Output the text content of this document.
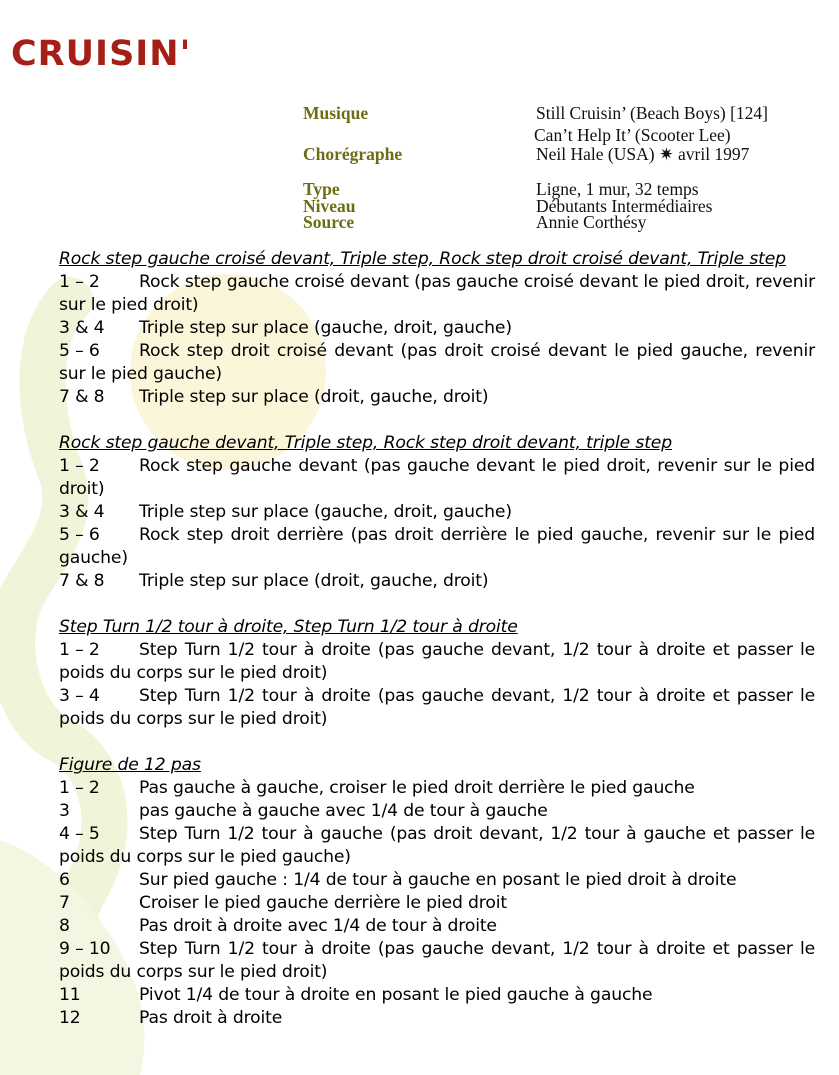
CRUISIN'
Musique	Still Cruisin’ (Beach Boys) [124]
Can’t Help It’ (Scooter Lee)
Chorégraphe	Neil Hale (USA) ✷ avril 1997
Type	Ligne, 1 mur, 32 temps
Niveau	Débutants Intermédiaires
Source	Annie Corthésy
Rock step gauche croisé devant, Triple step, Rock step droit croisé devant, Triple step
1 – 2 Rock step gauche croisé devant (pas gauche croisé devant le pied droit, revenir sur le pied droit)
3 & 4 Triple step sur place (gauche, droit, gauche)
5 – 6 Rock step droit croisé devant (pas droit croisé devant le pied gauche, revenir sur le pied gauche)
7 & 8 Triple step sur place (droit, gauche, droit)
Rock step gauche devant, Triple step, Rock step droit devant, triple step
1 – 2 Rock step gauche devant (pas gauche devant le pied droit, revenir sur le pied droit)
3 & 4 Triple step sur place (gauche, droit, gauche)
5 – 6 Rock step droit derrière (pas droit derrière le pied gauche, revenir sur le pied gauche)
7 & 8 Triple step sur place (droit, gauche, droit)
Step Turn 1/2 tour à droite, Step Turn 1/2 tour à droite
1 – 2 Step Turn 1/2 tour à droite (pas gauche devant, 1/2 tour à droite et passer le poids du corps sur le pied droit)
3 – 4 Step Turn 1/2 tour à droite (pas gauche devant, 1/2 tour à droite et passer le poids du corps sur le pied droit)
Figure de 12 pas
1 – 2 Pas gauche à gauche, croiser le pied droit derrière le pied gauche
3	pas gauche à gauche avec 1/4 de tour à gauche
4 – 5 Step Turn 1/2 tour à gauche (pas droit devant, 1/2 tour à gauche et passer le poids du corps sur le pied gauche)
6	Sur pied gauche : 1/4 de tour à gauche en posant le pied droit à droite
7	Croiser le pied gauche derrière le pied droit
8	Pas droit à droite avec 1/4 de tour à droite
9 – 10 Step Turn 1/2 tour à droite (pas gauche devant, 1/2 tour à droite et passer le poids du corps sur le pied droit)
11	Pivot 1/4 de tour à droite en posant le pied gauche à gauche
12	Pas droit à droite
